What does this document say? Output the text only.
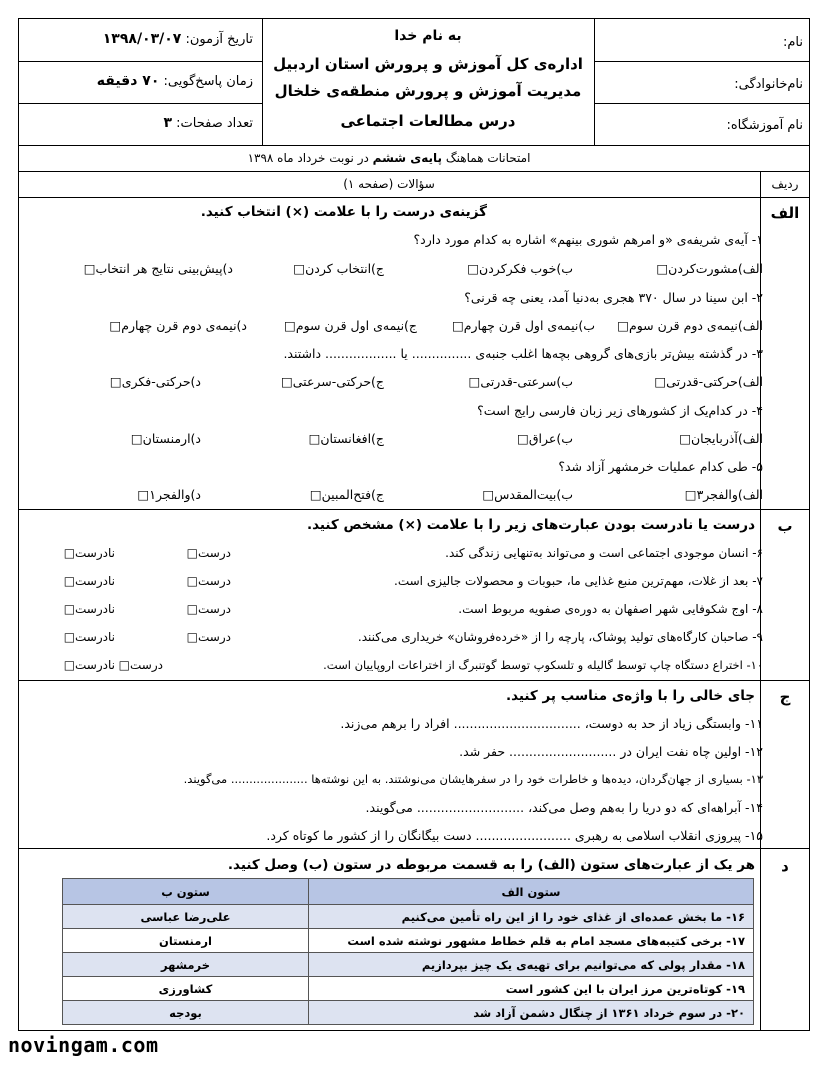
تاریخ آزمون: ۱۳۹۸/۰۳/۰۷
زمان پاسخ‌گویی: ۷۰ دقیقه
تعداد صفحات: ۳
به نام خدا
اداره‌ی کل آموزش و پرورش استان اردبیل
مدیریت آموزش و پرورش منطقه‌ی خلخال
درس مطالعات اجتماعی
نام:
نام‌خانوادگی:
نام آموزشگاه:
امتحانات هماهنگ پایه‌ی ششم در نوبت خرداد ماه ۱۳۹۸
ردیف
سؤالات (صفحه ۱)
الف
گزینه‌ی درست را با علامت (×) انتخاب کنید.
۱- آیه‌ی شریفه‌ی «و امرهم شوری بینهم» اشاره به کدام مورد دارد؟
الف)مشورت‌کردن□
ب)خوب فکرکردن□
ج)انتخاب کردن□
د)پیش‌بینی نتایج هر انتخاب□
۲- ابن سینا در سال ۳۷۰ هجری به‌دنیا آمد، یعنی چه قرنی؟
الف)نیمه‌ی دوم قرن سوم□
ب)نیمه‌ی اول قرن چهارم□
ج)نیمه‌ی اول قرن سوم□
د)نیمه‌ی دوم قرن چهارم□
۳- در گذشته بیش‌تر بازی‌های گروهی بچه‌ها اغلب جنبه‌ی ............... یا .................. داشتند.
الف)حرکتی-قدرتی□
ب)سرعتی-قدرتی□
ج)حرکتی-سرعتی□
د)حرکتی-فکری□
۴- در کدام‌یک از کشورهای زیر زبان فارسی رایج است؟
الف)آذربایجان□
ب)عراق□
ج)افغانستان□
د)ارمنستان□
۵- طی کدام عملیات خرمشهر آزاد شد؟
الف)والفجر۳□
ب)بیت‌المقدس□
ج)فتح‌المبین□
د)والفجر۱□
ب
درست یا نادرست بودن عبارت‌های زیر را با علامت (×) مشخص کنید.
۶- انسان موجودی اجتماعی است و می‌تواند به‌تنهایی زندگی کند.
درست□
نادرست□
۷- بعد از غلات، مهم‌ترین منبع غذایی ما، حبوبات و محصولات جالیزی است.
درست□
نادرست□
۸- اوج شکوفایی شهر اصفهان به دوره‌ی صفویه مربوط است.
درست□
نادرست□
۹- صاحبان کارگاه‌های تولید پوشاک، پارچه را از «خرده‌فروشان» خریداری می‌کنند.
درست□
نادرست□
۱۰- اختراع دستگاه چاپ توسط گالیله و تلسکوپ توسط گوتنبرگ از اختراعات اروپاییان است.
درست□
نادرست□
ج
جای خالی را با واژه‌ی مناسب پر کنید.
۱۱- وابستگی زیاد از حد به دوست، ................................ افراد را برهم می‌زند.
۱۲- اولین چاه نفت ایران در ........................... حفر شد.
۱۳- بسیاری از جهان‌گردان، دیده‌ها و خاطرات خود را در سفرهایشان می‌نوشتند. به این نوشته‌ها ..................... می‌گویند.
۱۴- آبراهه‌ای که دو دریا را به‌هم وصل می‌کند، ........................... می‌گویند.
۱۵- پیروزی انقلاب اسلامی به رهبری ........................ دست بیگانگان را از کشور ما کوتاه کرد.
د
هر یک از عبارت‌های ستون (الف) را به قسمت مربوطه در ستون (ب) وصل کنید.
ستون الف	ستون ب
۱۶- ما بخش عمده‌ای از غذای خود را از این راه تأمین می‌کنیم	علی‌رضا عباسی
۱۷- برخی کتیبه‌های مسجد امام به قلم خطاط مشهور نوشته شده است	ارمنستان
۱۸- مقدار پولی که می‌توانیم برای تهیه‌ی یک چیز بپردازیم	خرمشهر
۱۹- کوتاه‌ترین مرز ایران با این کشور است	کشاورزی
۲۰- در سوم خرداد ۱۳۶۱ از چنگال دشمن آزاد شد	بودجه
novingam.com
